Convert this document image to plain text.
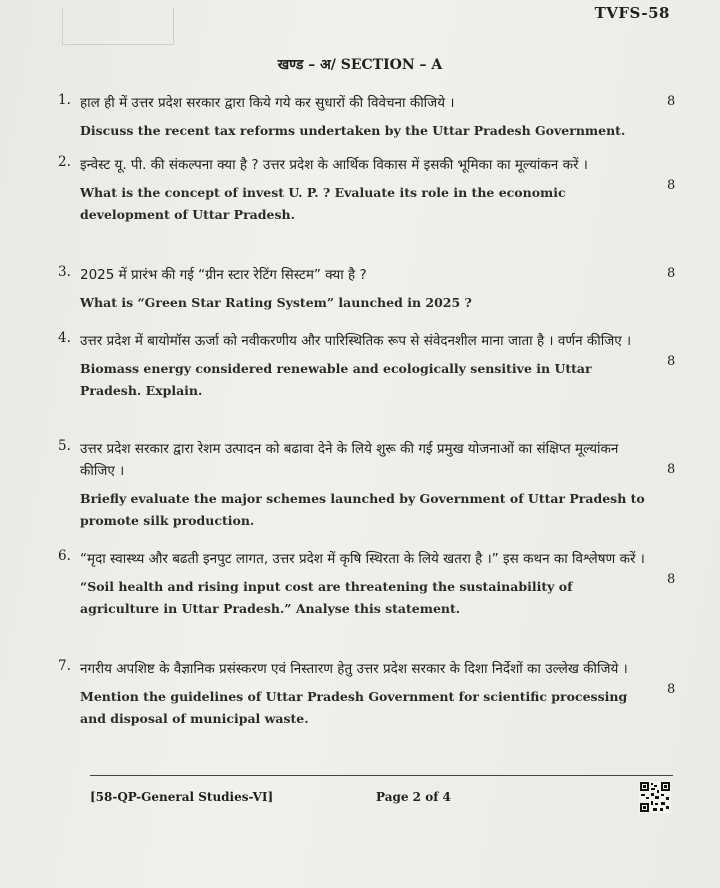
TVFS-58
खण्ड – अ/ SECTION – A
1. हाल ही में उत्तर प्रदेश सरकार द्वारा किये गये कर सुधारों की विवेचना कीजिये ।

Discuss the recent tax reforms undertaken by the Uttar Pradesh Government.

8
2. इन्वेस्ट यू. पी. की संकल्पना क्या है ? उत्तर प्रदेश के आर्थिक विकास में इसकी भूमिका का मूल्यांकन करें ।

What is the concept of invest U. P. ? Evaluate its role in the economic development of Uttar Pradesh.

8
3. 2025 में प्रारंभ की गई “ग्रीन स्टार रेटिंग सिस्टम” क्या है ?

What is “Green Star Rating System” launched in 2025 ?

8
4. उत्तर प्रदेश में बायोमॉस ऊर्जा को नवीकरणीय और पारिस्थितिक रूप से संवेदनशील माना जाता है । वर्णन कीजिए ।

Biomass energy considered renewable and ecologically sensitive in Uttar Pradesh. Explain.

8
5. उत्तर प्रदेश सरकार द्वारा रेशम उत्पादन को बढावा देने के लिये शुरू की गई प्रमुख योजनाओं का संक्षिप्त मूल्यांकन कीजिए ।

Briefly evaluate the major schemes launched by Government of Uttar Pradesh to promote silk production.

8
6. “मृदा स्वास्थ्य और बढती इनपुट लागत, उत्तर प्रदेश में कृषि स्थिरता के लिये खतरा है ।” इस कथन का विश्लेषण करें ।

“Soil health and rising input cost are threatening the sustainability of agriculture in Uttar Pradesh.” Analyse this statement.

8
7. नगरीय अपशिष्ट के वैज्ञानिक प्रसंस्करण एवं निस्तारण हेतु उत्तर प्रदेश सरकार के दिशा निर्देशों का उल्लेख कीजिये ।

Mention the guidelines of Uttar Pradesh Government for scientific processing and disposal of municipal waste.

8
[58-QP-General Studies-VI]	Page 2 of 4
